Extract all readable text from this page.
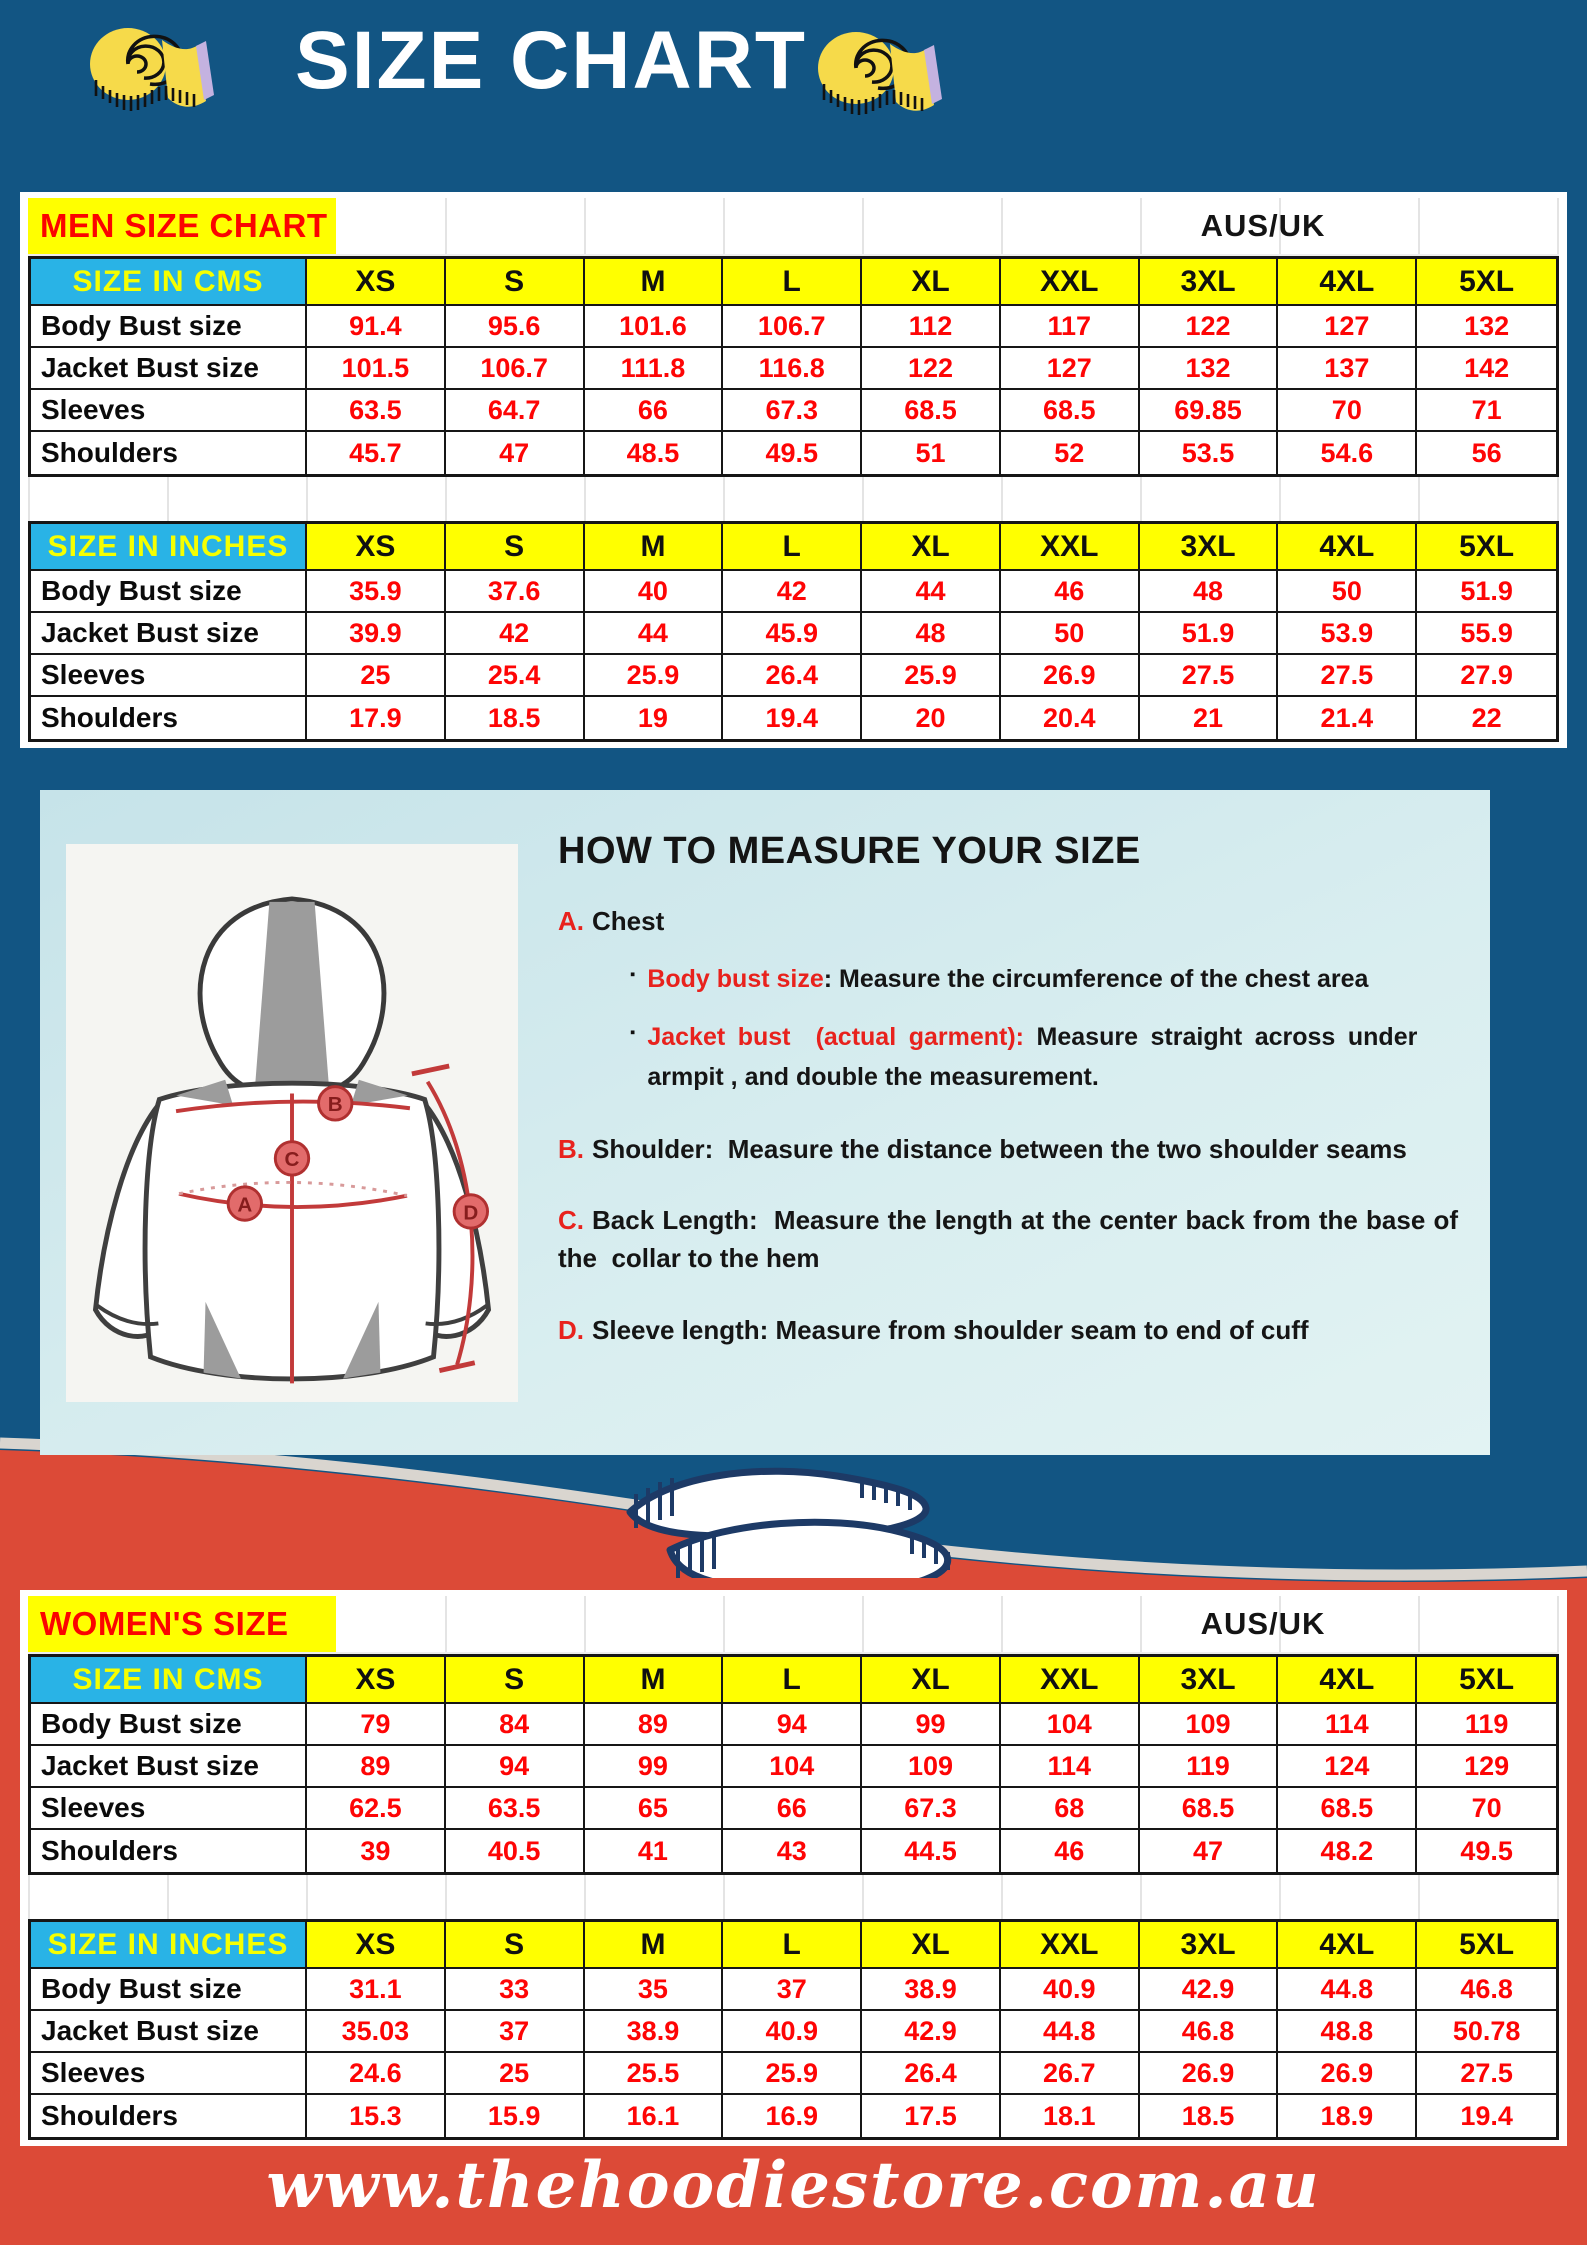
SIZE CHART
MEN SIZE CHART	AUS/UK
SIZE IN CMS	XS	S	M	L	XL	XXL	3XL	4XL	5XL
Body Bust size	91.4	95.6	101.6	106.7	112	117	122	127	132
Jacket Bust size	101.5	106.7	111.8	116.8	122	127	132	137	142
Sleeves	63.5	64.7	66	67.3	68.5	68.5	69.85	70	71
Shoulders	45.7	47	48.5	49.5	51	52	53.5	54.6	56
SIZE IN INCHES	XS	S	M	L	XL	XXL	3XL	4XL	5XL
Body Bust size	35.9	37.6	40	42	44	46	48	50	51.9
Jacket Bust size	39.9	42	44	45.9	48	50	51.9	53.9	55.9
Sleeves	25	25.4	25.9	26.4	25.9	26.9	27.5	27.5	27.9
Shoulders	17.9	18.5	19	19.4	20	20.4	21	21.4	22
A
B
C
D
HOW TO MEASURE YOUR SIZE
A. Chest
▪ Body bust size: Measure the circumference of the chest area

▪ Jacket bust  (actual garment): Measure straight across under armpit , and double the measurement.

B. Shoulder:  Measure the distance between the two shoulder seams
C. Back Length:  Measure the length at the center back from the base of the  collar to the hem
D. Sleeve length: Measure from shoulder seam to end of cuff
WOMEN'S SIZE	AUS/UK
SIZE IN CMS	XS	S	M	L	XL	XXL	3XL	4XL	5XL
Body Bust size	79	84	89	94	99	104	109	114	119
Jacket Bust size	89	94	99	104	109	114	119	124	129
Sleeves	62.5	63.5	65	66	67.3	68	68.5	68.5	70
Shoulders	39	40.5	41	43	44.5	46	47	48.2	49.5
SIZE IN INCHES	XS	S	M	L	XL	XXL	3XL	4XL	5XL
Body Bust size	31.1	33	35	37	38.9	40.9	42.9	44.8	46.8
Jacket Bust size	35.03	37	38.9	40.9	42.9	44.8	46.8	48.8	50.78
Sleeves	24.6	25	25.5	25.9	26.4	26.7	26.9	26.9	27.5
Shoulders	15.3	15.9	16.1	16.9	17.5	18.1	18.5	18.9	19.4
www.thehoodiestore.com.au
